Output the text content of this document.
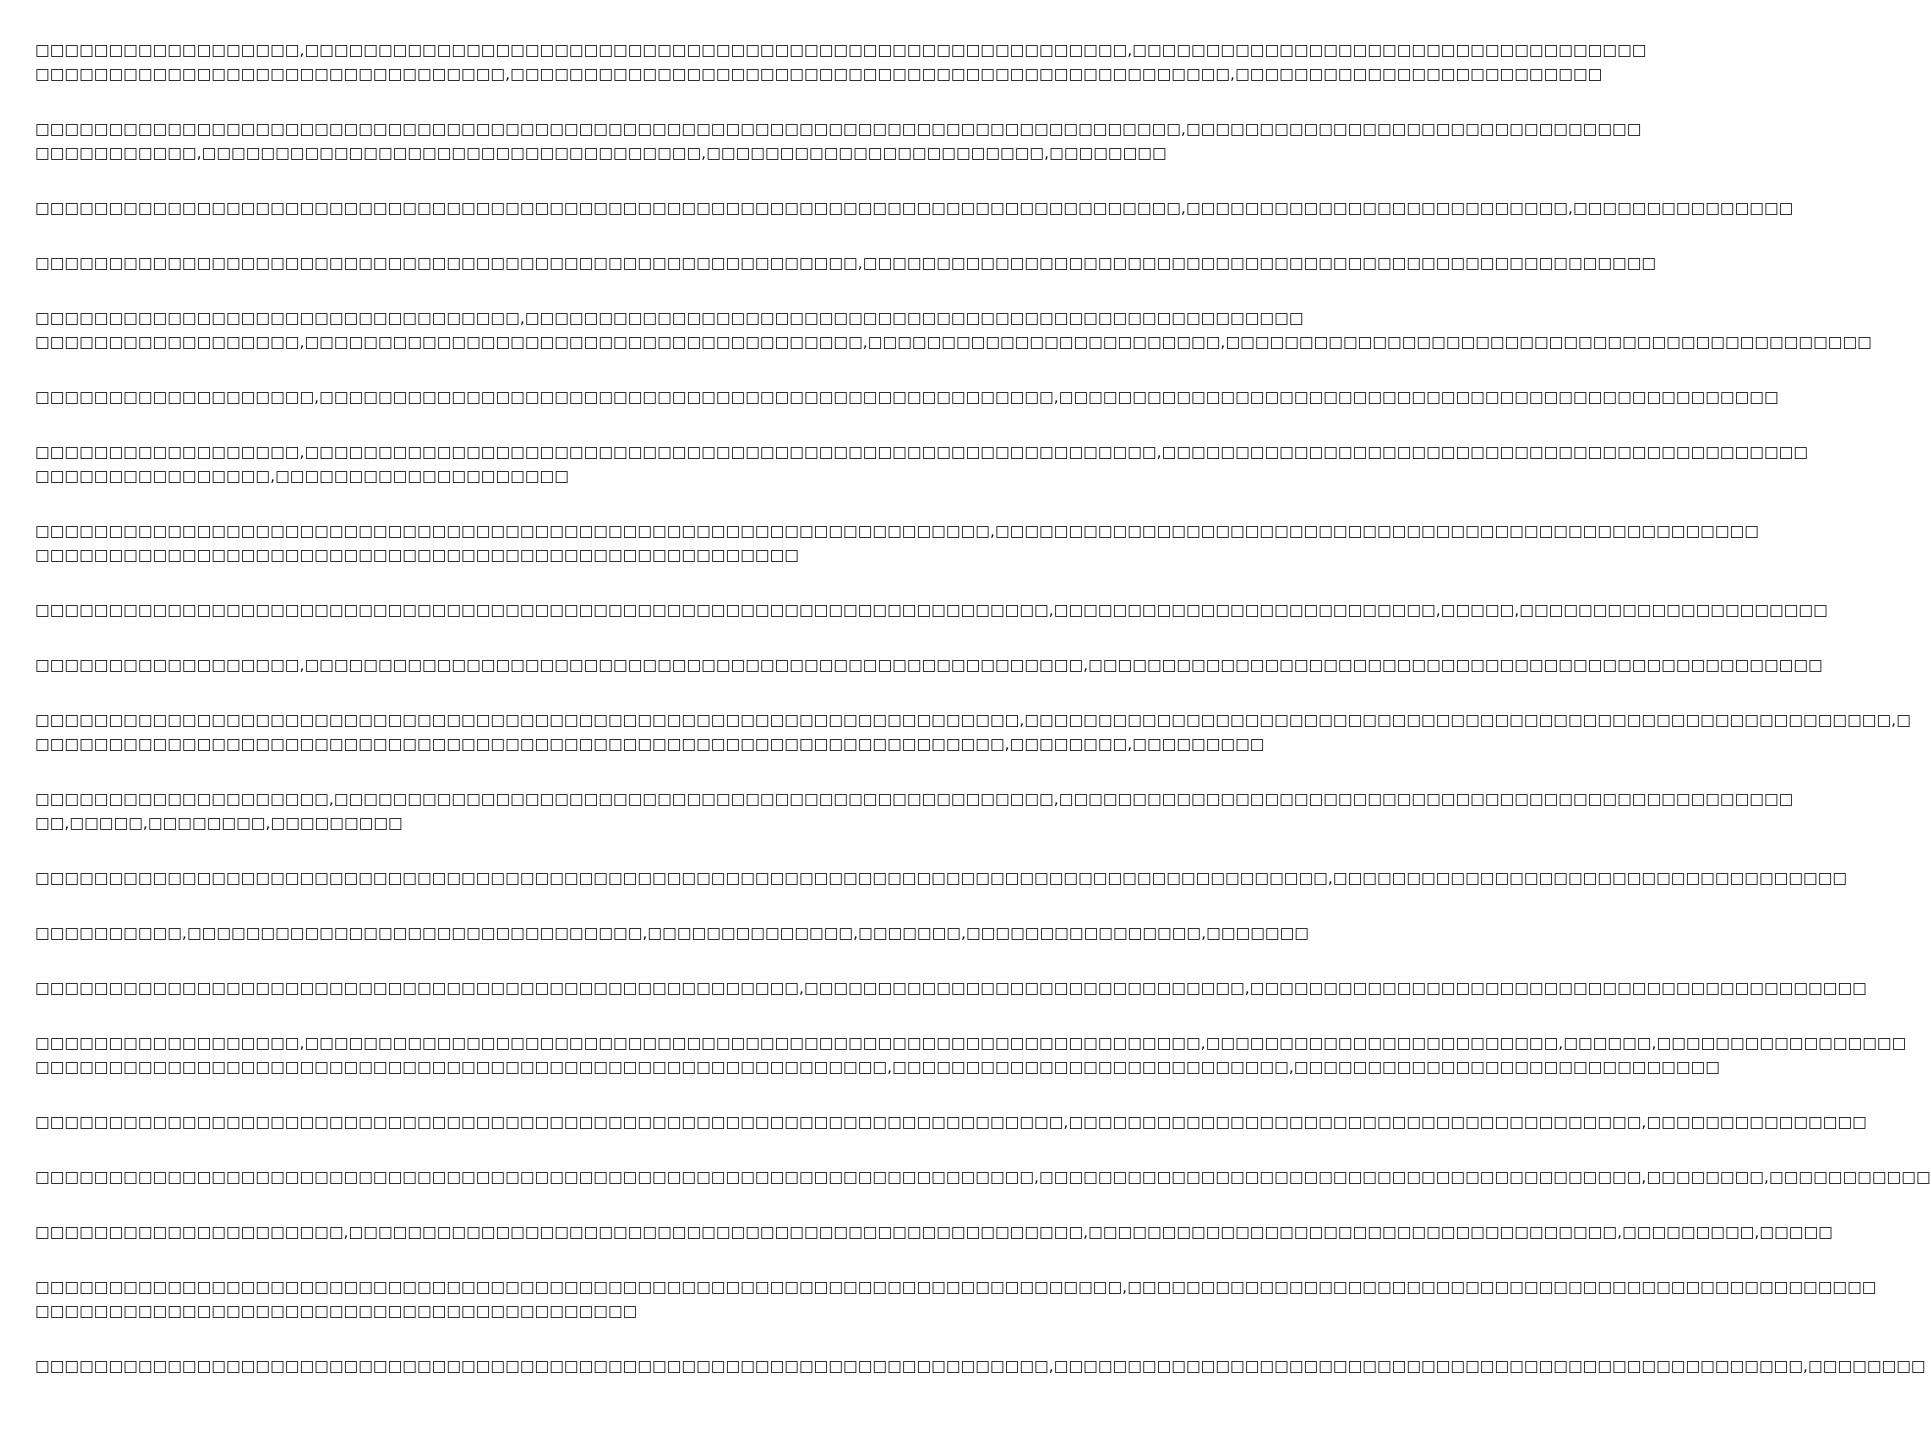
□□□□□□□□□□□□□□□□□□,□□□□□□□□□□□□□□□□□□□□□□□□□□□□□□□□□□□□□□□□□□□□□□□□□□□□□□□□,□□□□□□□□□□□□□□□□□□□□□□□□□□□□□□□□□□□
□□□□□□□□□□□□□□□□□□□□□□□□□□□□□□□□,□□□□□□□□□□□□□□□□□□□□□□□□□□□□□□□□□□□□□□□□□□□□□□□□□,□□□□□□□□□□□□□□□□□□□□□□□□□
□□□□□□□□□□□□□□□□□□□□□□□□□□□□□□□□□□□□□□□□□□□□□□□□□□□□□□□□□□□□□□□□□□□□□□□□□□□□□□,□□□□□□□□□□□□□□□□□□□□□□□□□□□□□□□
□□□□□□□□□□□,□□□□□□□□□□□□□□□□□□□□□□□□□□□□□□□□□□,□□□□□□□□□□□□□□□□□□□□□□□,□□□□□□□□
□□□□□□□□□□□□□□□□□□□□□□□□□□□□□□□□□□□□□□□□□□□□□□□□□□□□□□□□□□□□□□□□□□□□□□□□□□□□□□,□□□□□□□□□□□□□□□□□□□□□□□□□□,□□□□□□□□□□□□□□□
□□□□□□□□□□□□□□□□□□□□□□□□□□□□□□□□□□□□□□□□□□□□□□□□□□□□□□□□,□□□□□□□□□□□□□□□□□□□□□□□□□□□□□□□□□□□□□□□□□□□□□□□□□□□□□□
□□□□□□□□□□□□□□□□□□□□□□□□□□□□□□□□□,□□□□□□□□□□□□□□□□□□□□□□□□□□□□□□□□□□□□□□□□□□□□□□□□□□□□□
□□□□□□□□□□□□□□□□□□,□□□□□□□□□□□□□□□□□□□□□□□□□□□□□□□□□□□□□□,□□□□□□□□□□□□□□□□□□□□□□□□,□□□□□□□□□□□□□□□□□□□□□□□□□□□□□□□□□□□□□□□□□□□□
□□□□□□□□□□□□□□□□□□□,□□□□□□□□□□□□□□□□□□□□□□□□□□□□□□□□□□□□□□□□□□□□□□□□□□,□□□□□□□□□□□□□□□□□□□□□□□□□□□□□□□□□□□□□□□□□□□□□□□□□
□□□□□□□□□□□□□□□□□□,□□□□□□□□□□□□□□□□□□□□□□□□□□□□□□□□□□□□□□□□□□□□□□□□□□□□□□□□□□,□□□□□□□□□□□□□□□□□□□□□□□□□□□□□□□□□□□□□□□□□□□□
□□□□□□□□□□□□□□□□,□□□□□□□□□□□□□□□□□□□□
□□□□□□□□□□□□□□□□□□□□□□□□□□□□□□□□□□□□□□□□□□□□□□□□□□□□□□□□□□□□□□□□□,□□□□□□□□□□□□□□□□□□□□□□□□□□□□□□□□□□□□□□□□□□□□□□□□□□□□
□□□□□□□□□□□□□□□□□□□□□□□□□□□□□□□□□□□□□□□□□□□□□□□□□□□□
□□□□□□□□□□□□□□□□□□□□□□□□□□□□□□□□□□□□□□□□□□□□□□□□□□□□□□□□□□□□□□□□□□□□□,□□□□□□□□□□□□□□□□□□□□□□□□□□,□□□□□,□□□□□□□□□□□□□□□□□□□□□
□□□□□□□□□□□□□□□□□□,□□□□□□□□□□□□□□□□□□□□□□□□□□□□□□□□□□□□□□□□□□□□□□□□□□□□□,□□□□□□□□□□□□□□□□□□□□□□□□□□□□□□□□□□□□□□□□□□□□□□□□□□
□□□□□□□□□□□□□□□□□□□□□□□□□□□□□□□□□□□□□□□□□□□□□□□□□□□□□□□□□□□□□□□□□□□,□□□□□□□□□□□□□□□□□□□□□□□□□□□□□□□□□□□□□□□□□□□□□□□□□□□□□□□□□□□,□
□□□□□□□□□□□□□□□□□□□□□□□□□□□□□□□□□□□□□□□□□□□□□□□□□□□□□□□□□□□□□□□□□□,□□□□□□□□,□□□□□□□□□
□□□□□□□□□□□□□□□□□□□□,□□□□□□□□□□□□□□□□□□□□□□□□□□□□□□□□□□□□□□□□□□□□□□□□□,□□□□□□□□□□□□□□□□□□□□□□□□□□□□□□□□□□□□□□□□□□□□□□□□□□
□□,□□□□□,□□□□□□□□,□□□□□□□□□
□□□□□□□□□□□□□□□□□□□□□□□□□□□□□□□□□□□□□□□□□□□□□□□□□□□□□□□□□□□□□□□□□□□□□□□□□□□□□□□□□□□□□□□□,□□□□□□□□□□□□□□□□□□□□□□□□□□□□□□□□□□□
□□□□□□□□□□,□□□□□□□□□□□□□□□□□□□□□□□□□□□□□□□,□□□□□□□□□□□□□□,□□□□□□□,□□□□□□□□□□□□□□□□,□□□□□□□
□□□□□□□□□□□□□□□□□□□□□□□□□□□□□□□□□□□□□□□□□□□□□□□□□□□□,□□□□□□□□□□□□□□□□□□□□□□□□□□□□□□,□□□□□□□□□□□□□□□□□□□□□□□□□□□□□□□□□□□□□□□□□□
□□□□□□□□□□□□□□□□□□,□□□□□□□□□□□□□□□□□□□□□□□□□□□□□□□□□□□□□□□□□□□□□□□□□□□□□□□□□□□□□,□□□□□□□□□□□□□□□□□□□□□□□□,□□□□□□,□□□□□□□□□□□□□□□□□
□□□□□□□□□□□□□□□□□□□□□□□□□□□□□□□□□□□□□□□□□□□□□□□□□□□□□□□□□□,□□□□□□□□□□□□□□□□□□□□□□□□□□□,□□□□□□□□□□□□□□□□□□□□□□□□□□□□□
□□□□□□□□□□□□□□□□□□□□□□□□□□□□□□□□□□□□□□□□□□□□□□□□□□□□□□□□□□□□□□□□□□□□□□,□□□□□□□□□□□□□□□□□□□□□□□□□□□□□□□□□□□□□□□,□□□□□□□□□□□□□□□
□□□□□□□□□□□□□□□□□□□□□□□□□□□□□□□□□□□□□□□□□□□□□□□□□□□□□□□□□□□□□□□□□□□□,□□□□□□□□□□□□□□□□□□□□□□□□□□□□□□□□□□□□□□□□□,□□□□□□□□,□□□□□□□□□□□
□□□□□□□□□□□□□□□□□□□□□,□□□□□□□□□□□□□□□□□□□□□□□□□□□□□□□□□□□□□□□□□□□□□□□□□□,□□□□□□□□□□□□□□□□□□□□□□□□□□□□□□□□□□□□,□□□□□□□□□,□□□□□
□□□□□□□□□□□□□□□□□□□□□□□□□□□□□□□□□□□□□□□□□□□□□□□□□□□□□□□□□□□□□□□□□□□□□□□□□□,□□□□□□□□□□□□□□□□□□□□□□□□□□□□□□□□□□□□□□□□□□□□□□□□□□□
□□□□□□□□□□□□□□□□□□□□□□□□□□□□□□□□□□□□□□□□□
□□□□□□□□□□□□□□□□□□□□□□□□□□□□□□□□□□□□□□□□□□□□□□□□□□□□□□□□□□□□□□□□□□□□□,□□□□□□□□□□□□□□□□□□□□□□□□□□□□□□□□□□□□□□□□□□□□□□□□□□□,□□□□□□□□
